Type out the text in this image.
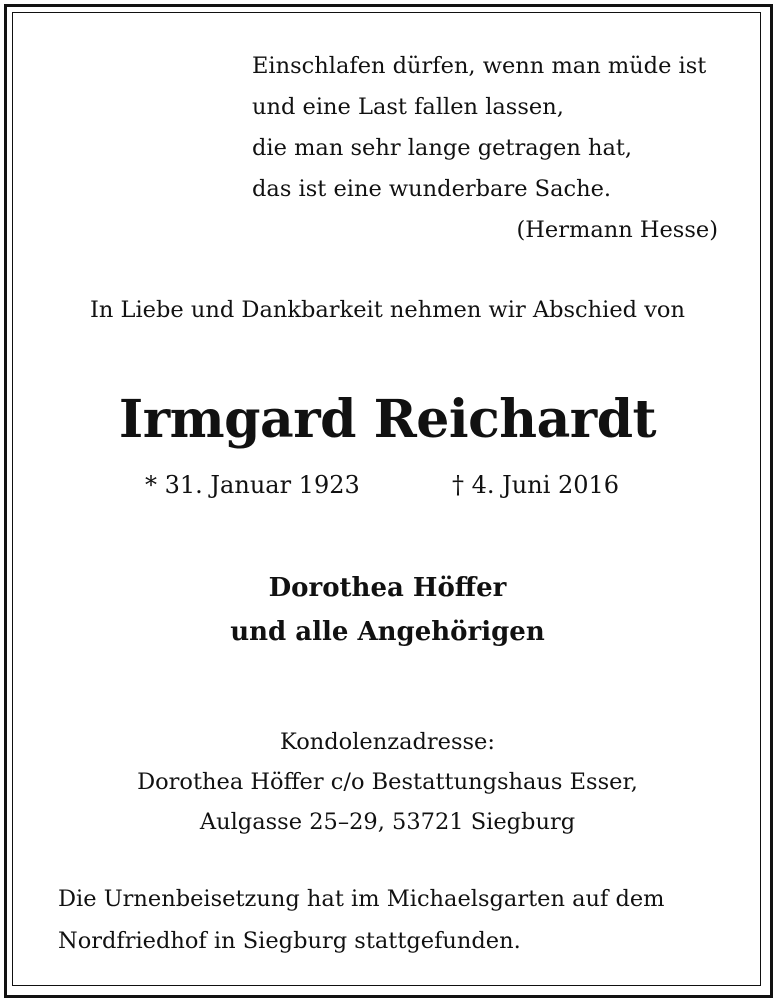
Einschlafen dürfen, wenn man müde ist
und eine Last fallen lassen,
die man sehr lange getragen hat,
das ist eine wunderbare Sache.
(Hermann Hesse)
In Liebe und Dankbarkeit nehmen wir Abschied von
Irmgard Reichardt
* 31. Januar 1923	† 4. Juni 2016
Dorothea Höffer
und alle Angehörigen
Kondolenzadresse:
Dorothea Höffer c/o Bestattungshaus Esser,
Aulgasse 25–29, 53721 Siegburg
Die Urnenbeisetzung hat im Michaelsgarten auf dem
Nordfriedhof in Siegburg stattgefunden.
